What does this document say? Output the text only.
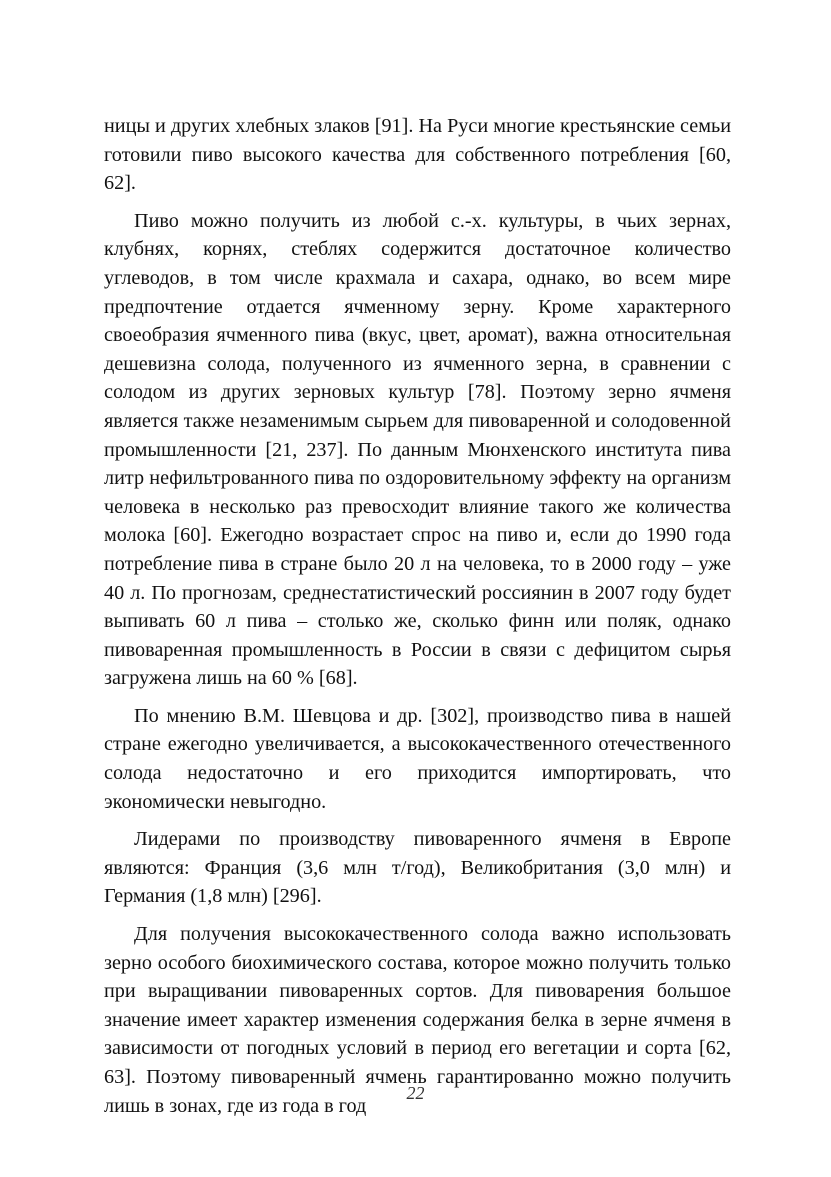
ницы и других хлебных злаков [91]. На Руси многие крестьянские семьи готовили пиво высокого качества для собственного потребления [60, 62].

Пиво можно получить из любой с.-х. культуры, в чьих зернах, клубнях, корнях, стеблях содержится достаточное количество углеводов, в том числе крахмала и сахара, однако, во всем мире предпочтение отдается ячменному зерну. Кроме характерного своеобразия ячменного пива (вкус, цвет, аромат), важна относительная дешевизна солода, полученного из ячменного зерна, в сравнении с солодом из других зерновых культур [78]. Поэтому зерно ячменя является также незаменимым сырьем для пивоваренной и солодовенной промышленности [21, 237]. По данным Мюнхенского института пива литр нефильтрованного пива по оздоровительному эффекту на организм человека в несколько раз превосходит влияние такого же количества молока [60]. Ежегодно возрастает спрос на пиво и, если до 1990 года потребление пива в стране было 20 л на человека, то в 2000 году – уже 40 л. По прогнозам, среднестатистический россиянин в 2007 году будет выпивать 60 л пива – столько же, сколько финн или поляк, однако пивоваренная промышленность в России в связи с дефицитом сырья загружена лишь на 60 % [68].

По мнению В.М. Шевцова и др. [302], производство пива в нашей стране ежегодно увеличивается, а высококачественного отечественного солода недостаточно и его приходится импортировать, что экономически невыгодно.

Лидерами по производству пивоваренного ячменя в Европе являются: Франция (3,6 млн т/год), Великобритания (3,0 млн) и Германия (1,8 млн) [296].

Для получения высококачественного солода важно использовать зерно особого биохимического состава, которое можно получить только при выращивании пивоваренных сортов. Для пивоварения большое значение имеет характер изменения содержания белка в зерне ячменя в зависимости от погодных условий в период его вегетации и сорта [62, 63]. Поэтому пивоваренный ячмень гарантированно можно получить лишь в зонах, где из года в год

22
